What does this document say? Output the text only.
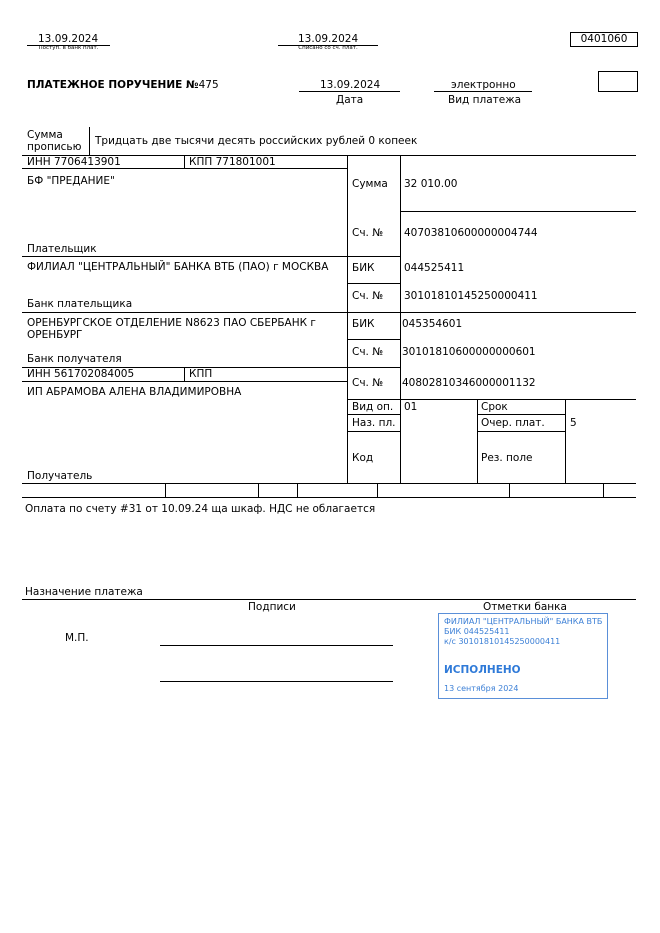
13.09.2024
Поступ. в банк плат.
13.09.2024
Списано со сч. плат.
0401060
ПЛАТЕЖНОЕ ПОРУЧЕНИЕ №475	13.09.2024
Дата
электронно
Вид платежа
Сумма
прописью Тридцать две тысячи десять российских рублей 0 копеек
ИНН 7706413901	КПП 771801001
БФ "ПРЕДАНИЕ"
Плательщик
Сумма 32 010.00
Сч. № 40703810600000004744
ФИЛИАЛ "ЦЕНТРАЛЬНЫЙ" БАНКА ВТБ (ПАО) г МОСКВА
Банк плательщика
БИК	044525411
Сч. № 30101810145250000411
ОРЕНБУРГСКОЕ ОТДЕЛЕНИЕ N8623 ПАО СБЕРБАНК г
ОРЕНБУРГ
Банк получателя
БИК	045354601
Сч. № 30101810600000000601
ИНН 561702084005	КПП
ИП АБРАМОВА АЛЕНА ВЛАДИМИРОВНА
Получатель
Сч. № 40802810346000001132
Вид оп. 01	Срок
Наз. пл.	Очер. плат. 5
Код	Рез. поле
Оплата по счету #31 от 10.09.24 ща шкаф. НДС не облагается
Назначение платежа
Подписи	Отметки банка
М.П.
ФИЛИАЛ "ЦЕНТРАЛЬНЫЙ" БАНКА ВТБ
БИК 044525411
к/с 30101810145250000411
ИСПОЛНЕНО
13 сентября 2024
